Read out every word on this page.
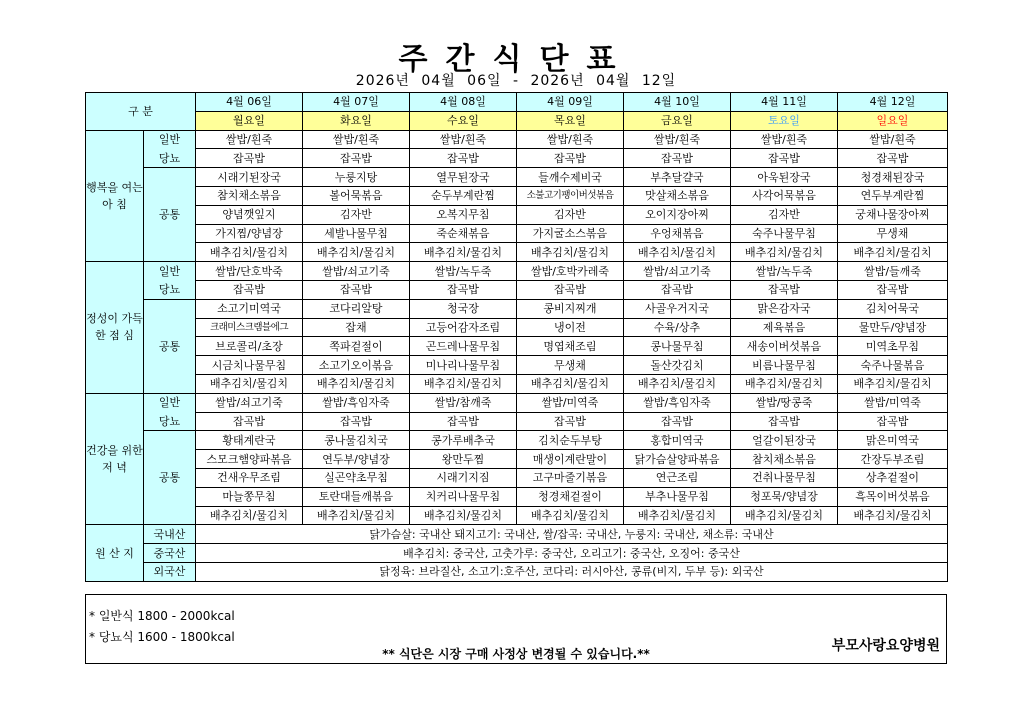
주간식단표
2026년 04월 06일 - 2026년 04월 12일
구 분		4월 06일	4월 07일	4월 08일	4월 09일	4월 10일	4월 11일	4월 12일
		월요일	화요일	수요일	목요일	금요일	토요일	일요일
행복을 여는 아 침	일반	쌀밥/흰죽	쌀밥/흰죽	쌀밥/흰죽	쌀밥/흰죽	쌀밥/흰죽	쌀밥/흰죽	쌀밥/흰죽
	당뇨	잡곡밥	잡곡밥	잡곡밥	잡곡밥	잡곡밥	잡곡밥	잡곡밥
	공통	시래기된장국	누룽지탕	열무된장국	들깨수제비국	부추달걀국	아욱된장국	청경채된장국
		참치채소볶음	볼어묵볶음	순두부계란찜	소불고기팽이버섯볶음	맛살채소볶음	사각어묵볶음	연두부계란찜
		양념깻잎지	김자반	오복지무침	김자반	오이지장아찌	김자반	궁채나물장아찌
		가지찜/양념장	세발나물무침	죽순채볶음	가지굴소스볶음	우엉채볶음	숙주나물무침	무생채
		배추김치/물김치	배추김치/물김치	배추김치/물김치	배추김치/물김치	배추김치/물김치	배추김치/물김치	배추김치/물김치
정성이 가득한 점 심	일반	쌀밥/단호박죽	쌀밥/쇠고기죽	쌀밥/녹두죽	쌀밥/호박카레죽	쌀밥/쇠고기죽	쌀밥/녹두죽	쌀밥/들깨죽
	당뇨	잡곡밥	잡곡밥	잡곡밥	잡곡밥	잡곡밥	잡곡밥	잡곡밥
	공통	소고기미역국	코다리알탕	청국장	콩비지찌개	사골우거지국	맑은감자국	김치어묵국
		크래미스크램블에그	잡채	고등어감자조림	냉이전	수육/상추	제육볶음	물만두/양념장
		브로콜리/초장	쪽파겉절이	곤드레나물무침	명엽채조림	콩나물무침	새송이버섯볶음	미역초무침
		시금치나물무침	소고기오이볶음	미나리나물무침	무생채	돌산갓김치	비름나물무침	숙주나물볶음
		배추김치/물김치	배추김치/물김치	배추김치/물김치	배추김치/물김치	배추김치/물김치	배추김치/물김치	배추김치/물김치
건강을 위한 저 녁	일반	쌀밥/쇠고기죽	쌀밥/흑임자죽	쌀밥/참깨죽	쌀밥/미역죽	쌀밥/흑임자죽	쌀밥/땅콩죽	쌀밥/미역죽
	당뇨	잡곡밥	잡곡밥	잡곡밥	잡곡밥	잡곡밥	잡곡밥	잡곡밥
	공통	황태계란국	콩나물김치국	콩가루배추국	김치순두부탕	홍합미역국	얼갈이된장국	맑은미역국
		스모크햄양파볶음	연두부/양념장	왕만두찜	매생이계란말이	닭가슴살양파볶음	참치채소볶음	간장두부조림
		건새우무조림	실곤약초무침	시래기지짐	고구마줄기볶음	연근조림	건취나물무침	상추겉절이
		마늘쫑무침	토란대들깨볶음	치커리나물무침	청경채겉절이	부추나물무침	청포묵/양념장	흑목이버섯볶음
		배추김치/물김치	배추김치/물김치	배추김치/물김치	배추김치/물김치	배추김치/물김치	배추김치/물김치	배추김치/물김치
원 산 지	국내산	닭가슴살: 국내산 돼지고기: 국내산, 쌀/잡곡: 국내산, 누룽지: 국내산, 채소류: 국내산						
	중국산	배추김치: 중국산, 고춧가루: 중국산, 오리고기: 중국산, 오징어: 중국산						
	외국산	닭정육: 브라질산, 소고기:호주산, 코다리: 러시아산, 콩류(비지, 두부 등): 외국산						
* 일반식 1800 - 2000kcal
* 당뇨식 1600 - 1800kcal
** 식단은 시장 구매 사정상 변경될 수 있습니다.**	부모사랑요양병원
